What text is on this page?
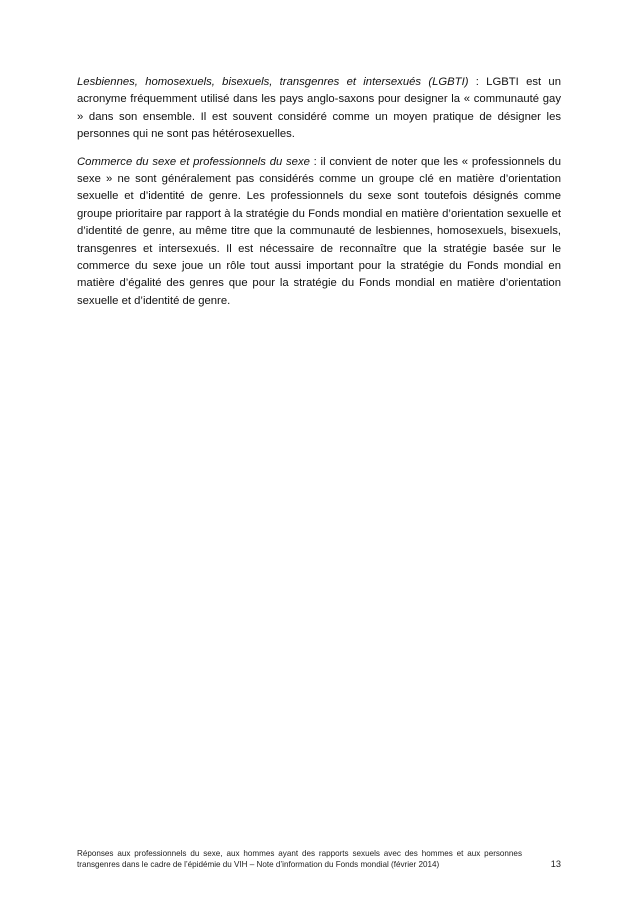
Lesbiennes, homosexuels, bisexuels, transgenres et intersexués (LGBTI) : LGBTI est un acronyme fréquemment utilisé dans les pays anglo-saxons pour designer la « communauté gay » dans son ensemble. Il est souvent considéré comme un moyen pratique de désigner les personnes qui ne sont pas hétérosexuelles.

Commerce du sexe et professionnels du sexe : il convient de noter que les « professionnels du sexe » ne sont généralement pas considérés comme un groupe clé en matière d’orientation sexuelle et d’identité de genre. Les professionnels du sexe sont toutefois désignés comme groupe prioritaire par rapport à la stratégie du Fonds mondial en matière d’orientation sexuelle et d’identité de genre, au même titre que la communauté de lesbiennes, homosexuels, bisexuels, transgenres et intersexués. Il est nécessaire de reconnaître que la stratégie basée sur le commerce du sexe joue un rôle tout aussi important pour la stratégie du Fonds mondial en matière d’égalité des genres que pour la stratégie du Fonds mondial en matière d’orientation sexuelle et d’identité de genre.

Réponses aux professionnels du sexe, aux hommes ayant des rapports sexuels avec des hommes et aux personnes transgenres dans le cadre de l’épidémie du VIH – Note d’information du Fonds mondial (février 2014)	13
